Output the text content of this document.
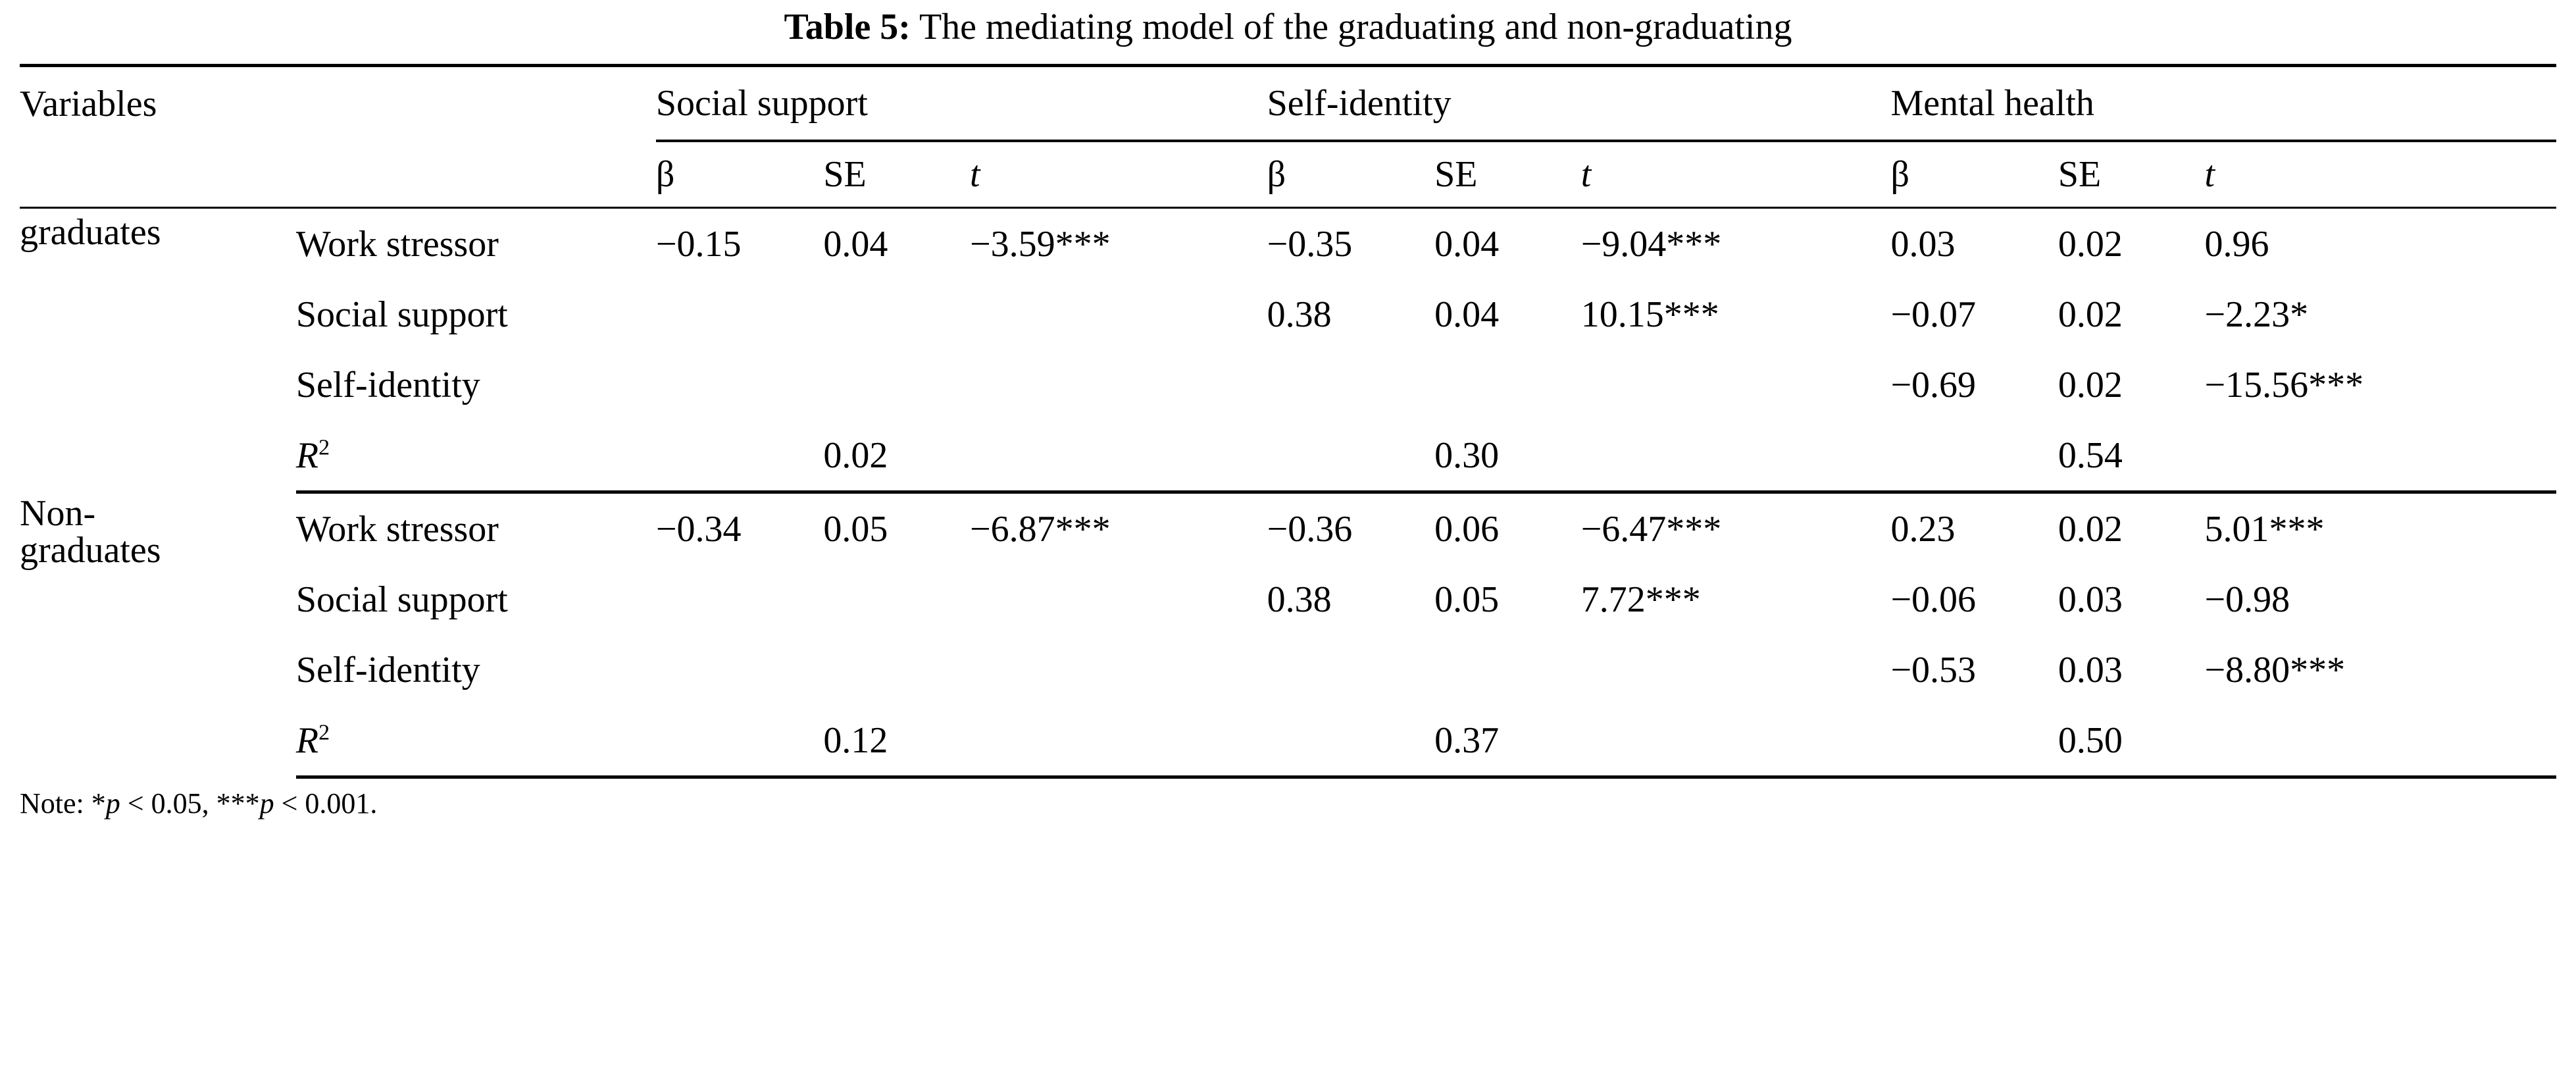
Table 5: The mediating model of the graduating and non-graduating
Variables		Social support			Self-identity			Mental health		
		β	SE	t	β	SE	t	β	SE	t
graduates	Work stressor	−0.15	0.04	−3.59***	−0.35	0.04	−9.04***	0.03	0.02	0.96
	Social support				0.38	0.04	10.15***	−0.07	0.02	−2.23*
	Self-identity							−0.69	0.02	−15.56***
	$R^2$		0.02			0.30			0.54	
Non-
graduates	Work stressor	−0.34	0.05	−6.87***	−0.36	0.06	−6.47***	0.23	0.02	5.01***
	Social support				0.38	0.05	7.72***	−0.06	0.03	−0.98
	Self-identity							−0.53	0.03	−8.80***
	$R^2$		0.12			0.37			0.50	
Note: *p < 0.05, ***p < 0.001.
